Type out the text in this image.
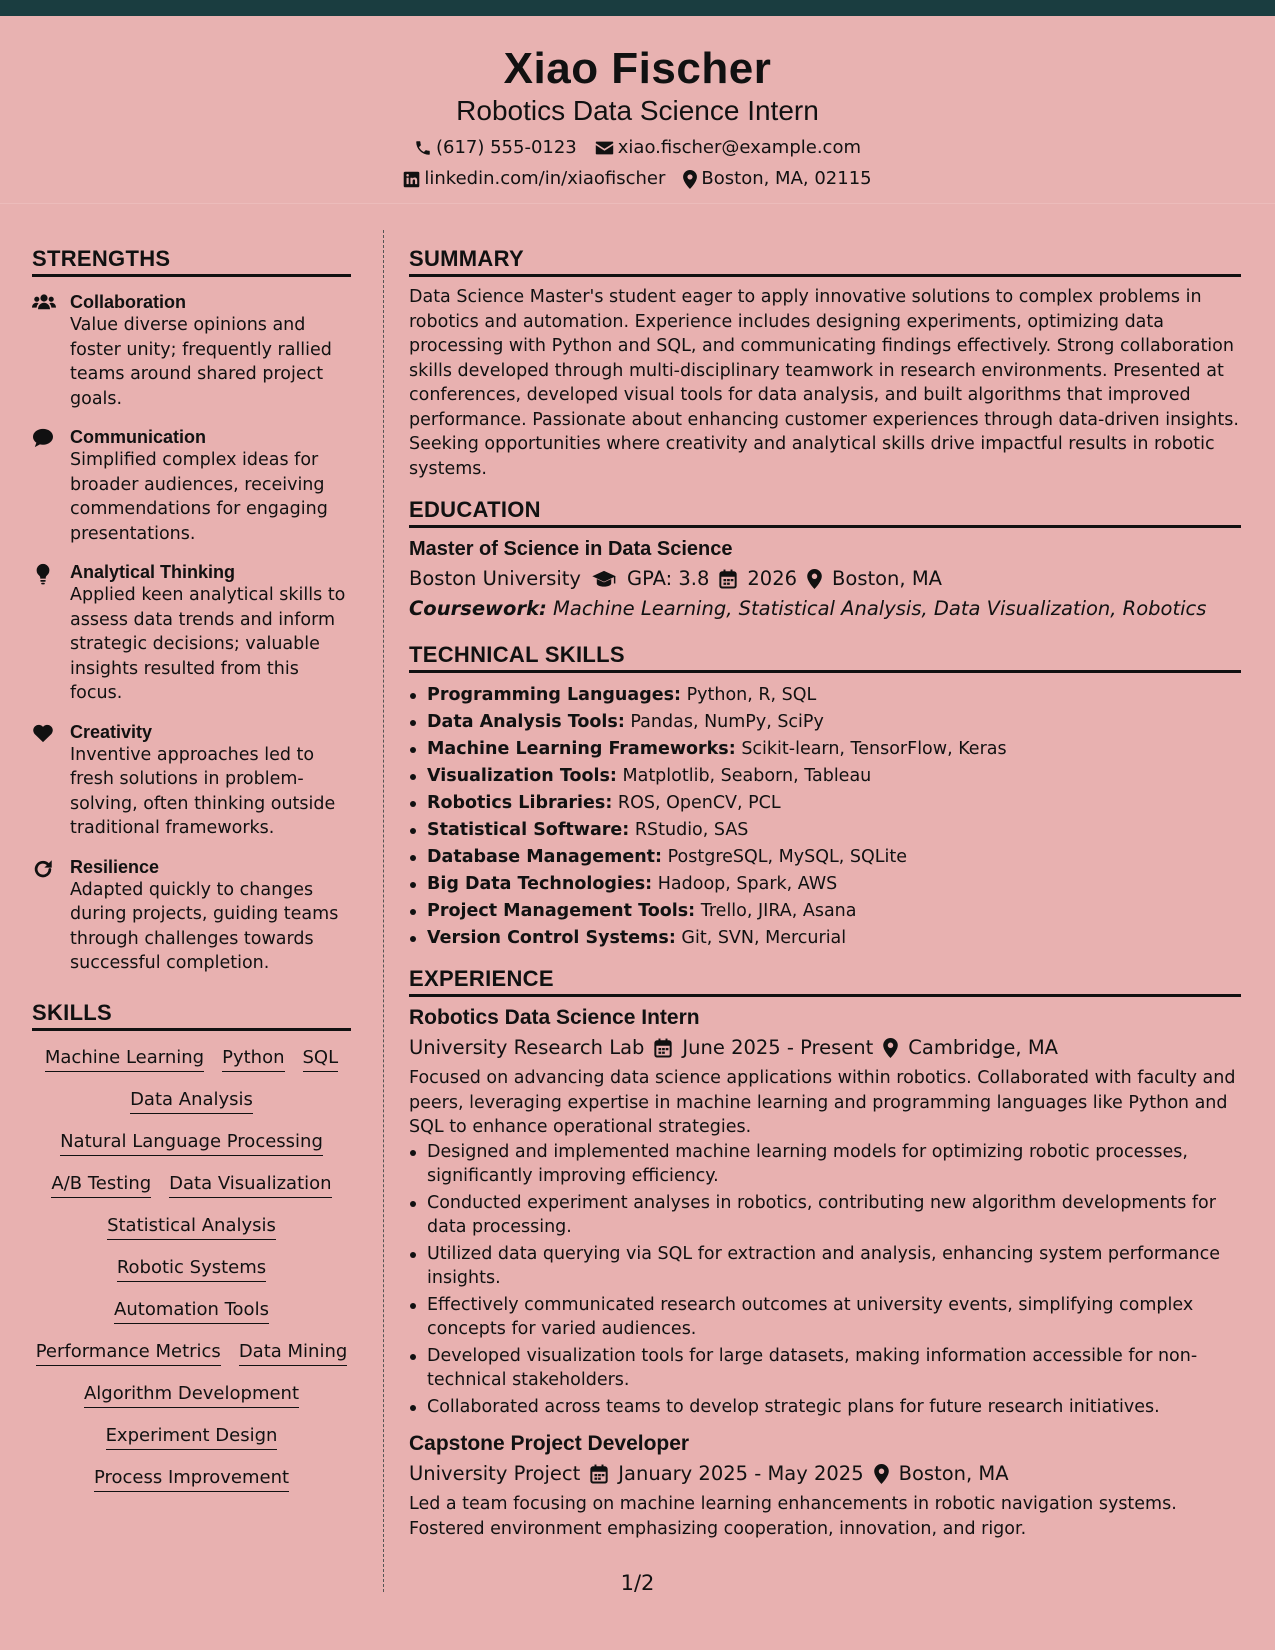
Xiao Fischer
Robotics Data Science Intern
(617) 555-0123 xiao.fischer@example.com
linkedin.com/in/xiaofischer Boston, MA, 02115
STRENGTHS
Collaboration
Value diverse opinions and foster unity; frequently rallied teams around shared project goals.
Communication
Simplified complex ideas for broader audiences, receiving commendations for engaging presentations.
Analytical Thinking
Applied keen analytical skills to assess data trends and inform strategic decisions; valuable insights resulted from this focus.
Creativity
Inventive approaches led to fresh solutions in problem-solving, often thinking outside traditional frameworks.
Resilience
Adapted quickly to changes during projects, guiding teams through challenges towards successful completion.
SKILLS
Machine Learning Python SQL
Data Analysis
Natural Language Processing
A/B Testing Data Visualization
Statistical Analysis
Robotic Systems
Automation Tools
Performance Metrics Data Mining
Algorithm Development
Experiment Design
Process Improvement
SUMMARY
Data Science Master's student eager to apply innovative solutions to complex problems in robotics and automation. Experience includes designing experiments, optimizing data processing with Python and SQL, and communicating findings effectively. Strong collaboration skills developed through multi-disciplinary teamwork in research environments. Presented at conferences, developed visual tools for data analysis, and built algorithms that improved performance. Passionate about enhancing customer experiences through data-driven insights. Seeking opportunities where creativity and analytical skills drive impactful results in robotic systems.
EDUCATION
Master of Science in Data Science
Boston University GPA: 3.8 2026 Boston, MA
Coursework: Machine Learning, Statistical Analysis, Data Visualization, Robotics
TECHNICAL SKILLS
Programming Languages: Python, R, SQL
Data Analysis Tools: Pandas, NumPy, SciPy
Machine Learning Frameworks: Scikit-learn, TensorFlow, Keras
Visualization Tools: Matplotlib, Seaborn, Tableau
Robotics Libraries: ROS, OpenCV, PCL
Statistical Software: RStudio, SAS
Database Management: PostgreSQL, MySQL, SQLite
Big Data Technologies: Hadoop, Spark, AWS
Project Management Tools: Trello, JIRA, Asana
Version Control Systems: Git, SVN, Mercurial
EXPERIENCE
Robotics Data Science Intern
University Research Lab June 2025 - Present Cambridge, MA
Focused on advancing data science applications within robotics. Collaborated with faculty and peers, leveraging expertise in machine learning and programming languages like Python and SQL to enhance operational strategies.
Designed and implemented machine learning models for optimizing robotic processes, significantly improving efficiency.
Conducted experiment analyses in robotics, contributing new algorithm developments for data processing.
Utilized data querying via SQL for extraction and analysis, enhancing system performance insights.
Effectively communicated research outcomes at university events, simplifying complex concepts for varied audiences.
Developed visualization tools for large datasets, making information accessible for non-technical stakeholders.
Collaborated across teams to develop strategic plans for future research initiatives.
Capstone Project Developer
University Project January 2025 - May 2025 Boston, MA
Led a team focusing on machine learning enhancements in robotic navigation systems. Fostered environment emphasizing cooperation, innovation, and rigor.
1/2
